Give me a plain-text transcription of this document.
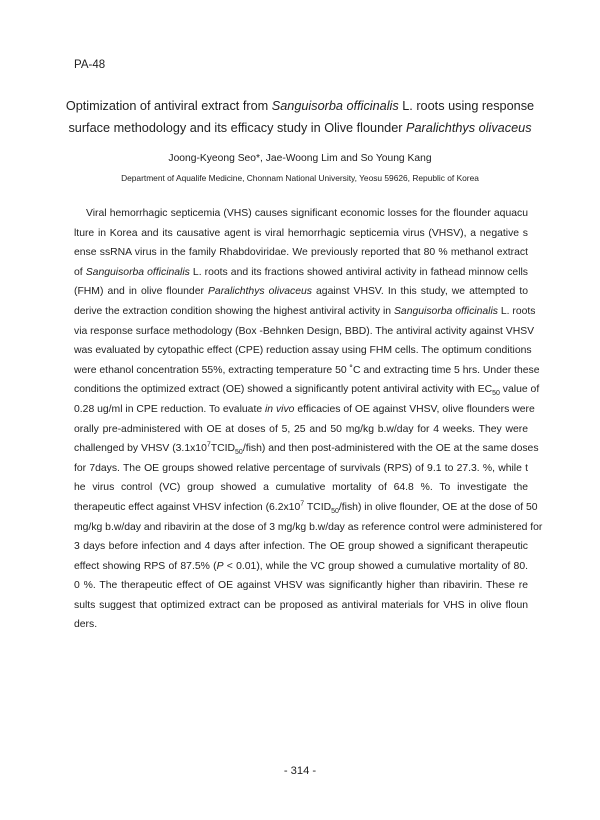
PA-48
Optimization of antiviral extract from Sanguisorba officinalis L. roots using response
surface methodology and its efficacy study in Olive flounder Paralichthys olivaceus
Joong-Kyeong Seo*, Jae-Woong Lim and So Young Kang
Department of Aqualife Medicine, Chonnam National University, Yeosu 59626, Republic of Korea
Viral hemorrhagic septicemia (VHS) causes significant economic losses for the flounder aquacu
lture in Korea and its causative agent is viral hemorrhagic septicemia virus (VHSV), a negative s
ense ssRNA virus in the family Rhabdoviridae. We previously reported that 80 % methanol extract
of Sanguisorba officinalis L. roots and its fractions showed antiviral activity in fathead minnow cells
(FHM) and in olive flounder Paralichthys olivaceus against VHSV. In this study, we attempted to
derive the extraction condition showing the highest antiviral activity in Sanguisorba officinalis L. roots
via response surface methodology (Box -Behnken Design, BBD). The antiviral activity against VHSV
was evaluated by cytopathic effect (CPE) reduction assay using FHM cells. The optimum conditions
were ethanol concentration 55%, extracting temperature 50 ˚C and extracting time 5 hrs. Under these
conditions the optimized extract (OE) showed a significantly potent antiviral activity with $EC_{50}$ value of
0.28 ug/ml in CPE reduction. To evaluate in vivo efficacies of OE against VHSV, olive flounders were
orally pre-administered with OE at doses of 5, 25 and 50 mg/kg b.w/day for 4 weeks. They were
challenged by VHSV $(3.1x10^7TCID_{50}/fish)$ and then post-administered with the OE at the same doses
for 7days. The OE groups showed relative percentage of survivals (RPS) of 9.1 to 27.3. %, while t
he virus control (VC) group showed a cumulative mortality of 64.8 %. To investigate the
therapeutic effect against VHSV infection ($6.2x10^7$ $TCID_{50}/fish$) in olive flounder, OE at the dose of 50
mg/kg b.w/day and ribavirin at the dose of 3 mg/kg b.w/day as reference control were administered for
3 days before infection and 4 days after infection. The OE group showed a significant therapeutic
effect showing RPS of 87.5% (P < 0.01), while the VC group showed a cumulative mortality of 80.
0 %. The therapeutic effect of OE against VHSV was significantly higher than ribavirin. These re
sults suggest that optimized extract can be proposed as antiviral materials for VHS in olive floun
ders.
- 314 -
